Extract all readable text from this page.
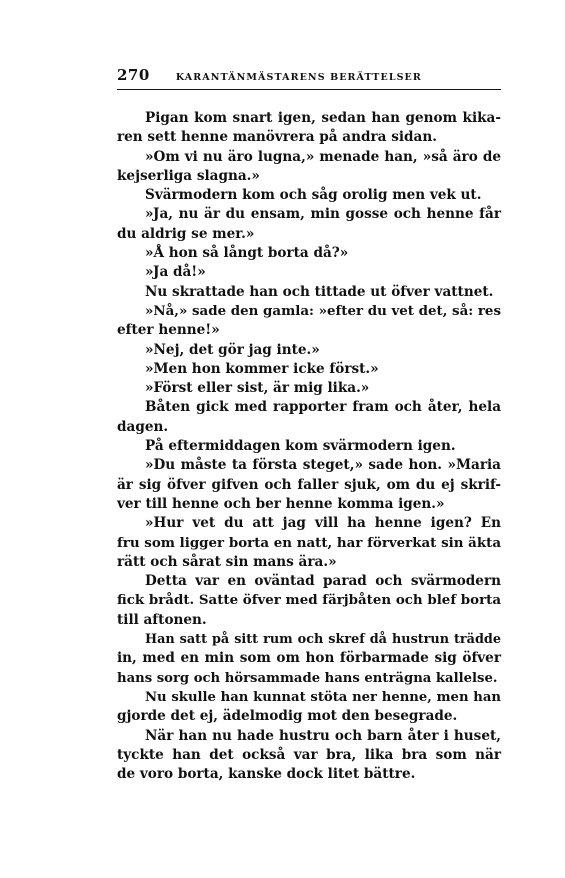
270	KARANTÄNMÄSTARENS BERÄTTELSER
Pigan kom snart igen, sedan han genom kika-
ren sett henne manövrera på andra sidan.
»Om vi nu äro lugna,» menade han, »så äro de
kejserliga slagna.»
Svärmodern kom och såg orolig men vek ut.
»Ja, nu är du ensam, min gosse och henne får
du aldrig se mer.»
»Å hon så långt borta då?»
»Ja då!»
Nu skrattade han och tittade ut öfver vattnet.
»Nå,» sade den gamla: »efter du vet det, så: res
efter henne!»
»Nej, det gör jag inte.»
»Men hon kommer icke först.»
»Först eller sist, är mig lika.»
Båten gick med rapporter fram och åter, hela
dagen.
På eftermiddagen kom svärmodern igen.
»Du måste ta första steget,» sade hon. »Maria
är sig öfver gifven och faller sjuk, om du ej skrif-
ver till henne och ber henne komma igen.»
»Hur vet du att jag vill ha henne igen? En
fru som ligger borta en natt, har förverkat sin äkta
rätt och sårat sin mans ära.»
Detta var en oväntad parad och svärmodern
fick brådt. Satte öfver med färjbåten och blef borta
till aftonen.
Han satt på sitt rum och skref då hustrun trädde
in, med en min som om hon förbarmade sig öfver
hans sorg och hörsammade hans enträgna kallelse.
Nu skulle han kunnat stöta ner henne, men han
gjorde det ej, ädelmodig mot den besegrade.
När han nu hade hustru och barn åter i huset,
tyckte han det också var bra, lika bra som när
de voro borta, kanske dock litet bättre.
